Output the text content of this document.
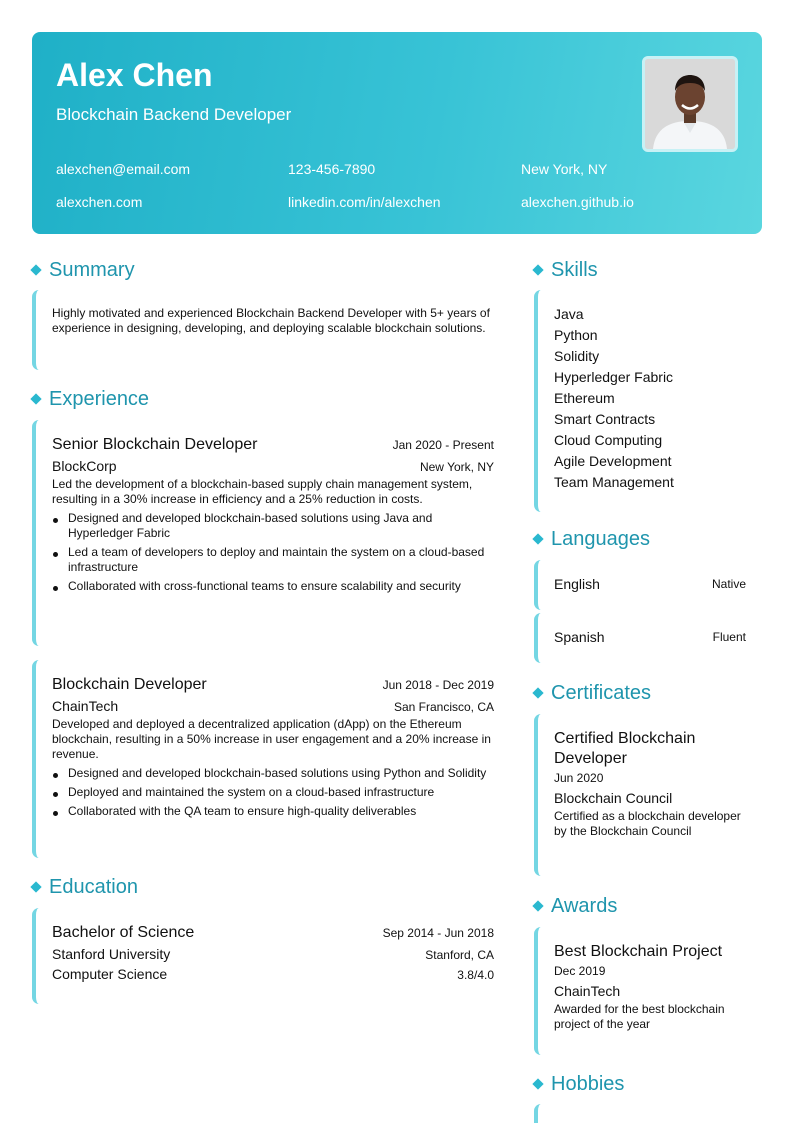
Alex Chen
Blockchain Backend Developer
alexchen@email.com	123-456-7890	New York, NY
alexchen.com	linkedin.com/in/alexchen	alexchen.github.io
Summary
Highly motivated and experienced Blockchain Backend Developer with 5+ years of experience in designing, developing, and deploying scalable blockchain solutions.
Experience
Senior Blockchain Developer	Jan 2020 - Present
BlockCorp	New York, NY
Led the development of a blockchain-based supply chain management system, resulting in a 30% increase in efficiency and a 25% reduction in costs.
Designed and developed blockchain-based solutions using Java and Hyperledger Fabric
Led a team of developers to deploy and maintain the system on a cloud-based infrastructure
Collaborated with cross-functional teams to ensure scalability and security
Blockchain Developer	Jun 2018 - Dec 2019
ChainTech	San Francisco, CA
Developed and deployed a decentralized application (dApp) on the Ethereum blockchain, resulting in a 50% increase in user engagement and a 20% increase in revenue.
Designed and developed blockchain-based solutions using Python and Solidity
Deployed and maintained the system on a cloud-based infrastructure
Collaborated with the QA team to ensure high-quality deliverables
Education
Bachelor of Science	Sep 2014 - Jun 2018
Stanford University	Stanford, CA
Computer Science	3.8/4.0
Skills
Java
Python
Solidity
Hyperledger Fabric
Ethereum
Smart Contracts
Cloud Computing
Agile Development
Team Management
Languages
English	Native
Spanish	Fluent
Certificates
Certified Blockchain Developer
Jun 2020
Blockchain Council
Certified as a blockchain developer by the Blockchain Council
Awards
Best Blockchain Project
Dec 2019
ChainTech
Awarded for the best blockchain project of the year
Hobbies
